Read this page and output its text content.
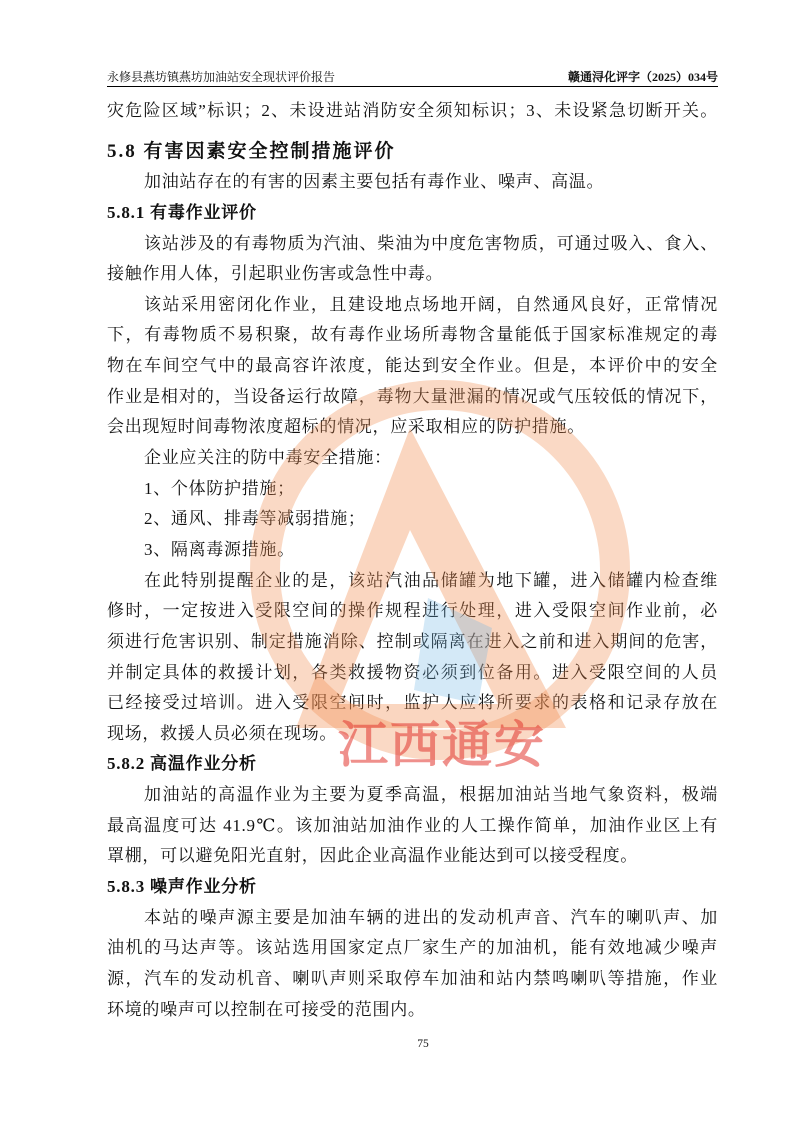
永修县燕坊镇燕坊加油站安全现状评价报告	赣通浔化评字（2025）034号
灾危险区域”标识；2、未设进站消防安全须知标识；3、未设紧急切断开关。
5.8 有害因素安全控制措施评价
加油站存在的有害的因素主要包括有毒作业、噪声、高温。
5.8.1 有毒作业评价
该站涉及的有毒物质为汽油、柴油为中度危害物质，可通过吸入、食入、
接触作用人体，引起职业伤害或急性中毒。
该站采用密闭化作业，且建设地点场地开阔，自然通风良好，正常情况
下，有毒物质不易积聚，故有毒作业场所毒物含量能低于国家标准规定的毒
物在车间空气中的最高容许浓度，能达到安全作业。但是，本评价中的安全
作业是相对的，当设备运行故障，毒物大量泄漏的情况或气压较低的情况下，
会出现短时间毒物浓度超标的情况，应采取相应的防护措施。
企业应关注的防中毒安全措施：
1、个体防护措施；
2、通风、排毒等减弱措施；
3、隔离毒源措施。
在此特别提醒企业的是，该站汽油品储罐为地下罐，进入储罐内检查维
修时，一定按进入受限空间的操作规程进行处理，进入受限空间作业前，必
须进行危害识别、制定措施消除、控制或隔离在进入之前和进入期间的危害，
并制定具体的救援计划，各类救援物资必须到位备用。进入受限空间的人员
已经接受过培训。进入受限空间时，监护人应将所要求的表格和记录存放在
现场，救援人员必须在现场。
5.8.2 高温作业分析
加油站的高温作业为主要为夏季高温，根据加油站当地气象资料，极端
最高温度可达 41.9℃。该加油站加油作业的人工操作简单，加油作业区上有
罩棚，可以避免阳光直射，因此企业高温作业能达到可以接受程度。
5.8.3 噪声作业分析
本站的噪声源主要是加油车辆的进出的发动机声音、汽车的喇叭声、加
油机的马达声等。该站选用国家定点厂家生产的加油机，能有效地减少噪声
源，汽车的发动机音、喇叭声则采取停车加油和站内禁鸣喇叭等措施，作业
环境的噪声可以控制在可接受的范围内。
75
江西通安
